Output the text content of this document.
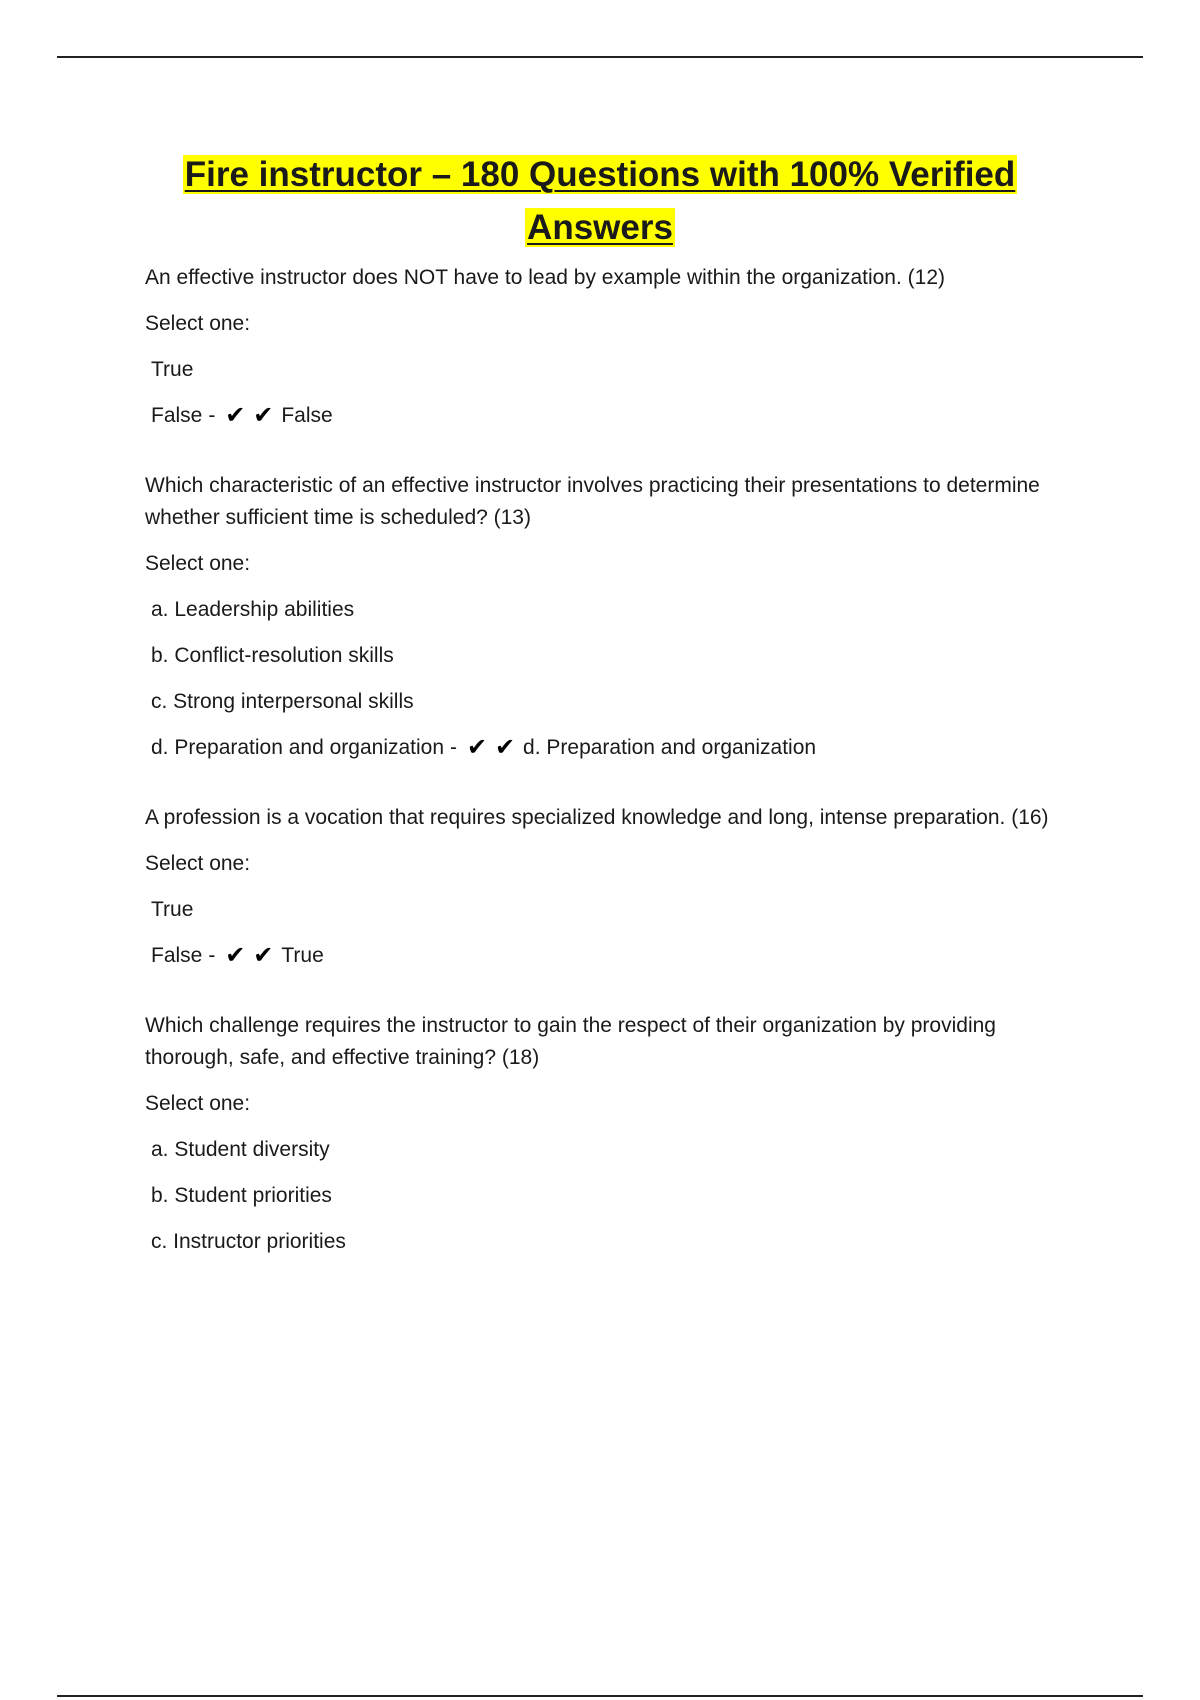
Fire instructor – 180 Questions with 100% Verified
Answers

An effective instructor does NOT have to lead by example within the organization. (12)

Select one:

True
False - ✔ ✔ False

Which characteristic of an effective instructor involves practicing their presentations to determine whether sufficient time is scheduled? (13)

Select one:

a. Leadership abilities
b. Conflict-resolution skills
c. Strong interpersonal skills
d. Preparation and organization - ✔ ✔ d. Preparation and organization

A profession is a vocation that requires specialized knowledge and long, intense preparation. (16)

Select one:

True
False - ✔ ✔ True

Which challenge requires the instructor to gain the respect of their organization by providing thorough, safe, and effective training? (18)

Select one:

a. Student diversity
b. Student priorities
c. Instructor priorities
